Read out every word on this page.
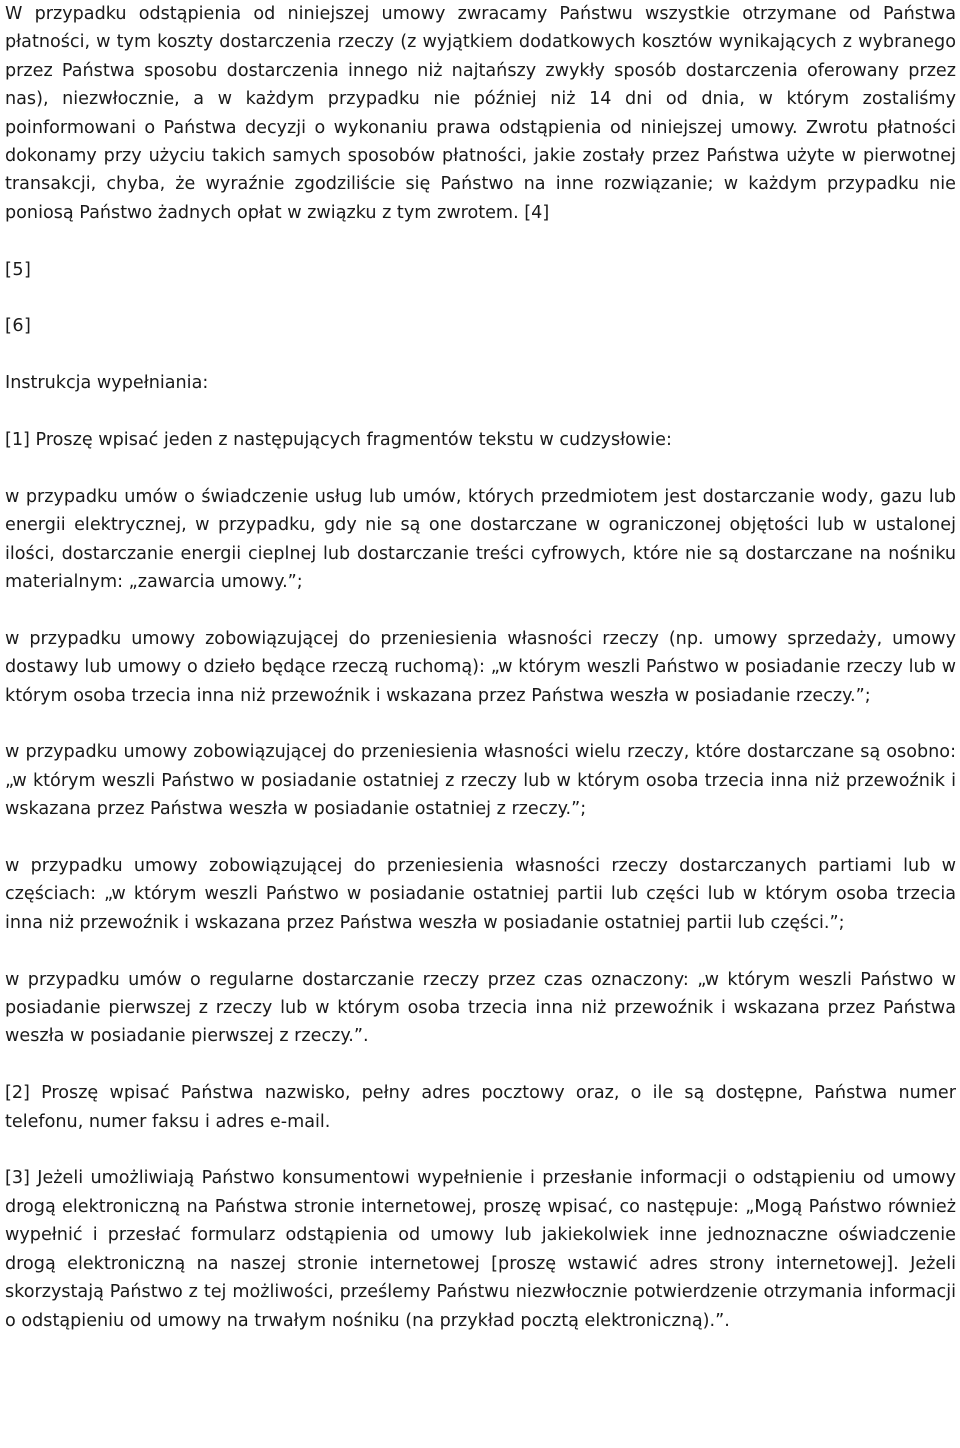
W przypadku odstąpienia od niniejszej umowy zwracamy Państwu wszystkie otrzymane od Państwa płatności, w tym koszty dostarczenia rzeczy (z wyjątkiem dodatkowych kosztów wynikających z wybranego przez Państwa sposobu dostarczenia innego niż najtańszy zwykły sposób dostarczenia oferowany przez nas), niezwłocznie, a w każdym przypadku nie później niż 14 dni od dnia, w którym zostaliśmy poinformowani o Państwa decyzji o wykonaniu prawa odstąpienia od niniejszej umowy. Zwrotu płatności dokonamy przy użyciu takich samych sposobów płatności, jakie zostały przez Państwa użyte w pierwotnej transakcji, chyba, że wyraźnie zgodziliście się Państwo na inne rozwiązanie; w każdym przypadku nie poniosą Państwo żadnych opłat w związku z tym zwrotem. [4]

[5]

[6]

Instrukcja wypełniania:

[1] Proszę wpisać jeden z następujących fragmentów tekstu w cudzysłowie:

w przypadku umów o świadczenie usług lub umów, których przedmiotem jest dostarczanie wody, gazu lub energii elektrycznej, w przypadku, gdy nie są one dostarczane w ograniczonej objętości lub w ustalonej ilości, dostarczanie energii cieplnej lub dostarczanie treści cyfrowych, które nie są dostarczane na nośniku materialnym: „zawarcia umowy.”;

w przypadku umowy zobowiązującej do przeniesienia własności rzeczy (np. umowy sprzedaży, umowy dostawy lub umowy o dzieło będące rzeczą ruchomą): „w którym weszli Państwo w posiadanie rzeczy lub w którym osoba trzecia inna niż przewoźnik i wskazana przez Państwa weszła w posiadanie rzeczy.”;

w przypadku umowy zobowiązującej do przeniesienia własności wielu rzeczy, które dostarczane są osobno: „w którym weszli Państwo w posiadanie ostatniej z rzeczy lub w którym osoba trzecia inna niż przewoźnik i wskazana przez Państwa weszła w posiadanie ostatniej z rzeczy.”;

w przypadku umowy zobowiązującej do przeniesienia własności rzeczy dostarczanych partiami lub w częściach: „w którym weszli Państwo w posiadanie ostatniej partii lub części lub w którym osoba trzecia inna niż przewoźnik i wskazana przez Państwa weszła w posiadanie ostatniej partii lub części.”;

w przypadku umów o regularne dostarczanie rzeczy przez czas oznaczony: „w którym weszli Państwo w posiadanie pierwszej z rzeczy lub w którym osoba trzecia inna niż przewoźnik i wskazana przez Państwa weszła w posiadanie pierwszej z rzeczy.”.

[2] Proszę wpisać Państwa nazwisko, pełny adres pocztowy oraz, o ile są dostępne, Państwa numer telefonu, numer faksu i adres e-mail.

[3] Jeżeli umożliwiają Państwo konsumentowi wypełnienie i przesłanie informacji o odstąpieniu od umowy drogą elektroniczną na Państwa stronie internetowej, proszę wpisać, co następuje: „Mogą Państwo również wypełnić i przesłać formularz odstąpienia od umowy lub jakiekolwiek inne jednoznaczne oświadczenie drogą elektroniczną na naszej stronie internetowej [proszę wstawić adres strony internetowej]. Jeżeli skorzystają Państwo z tej możliwości, prześlemy Państwu niezwłocznie potwierdzenie otrzymania informacji o odstąpieniu od umowy na trwałym nośniku (na przykład pocztą elektroniczną).”.
